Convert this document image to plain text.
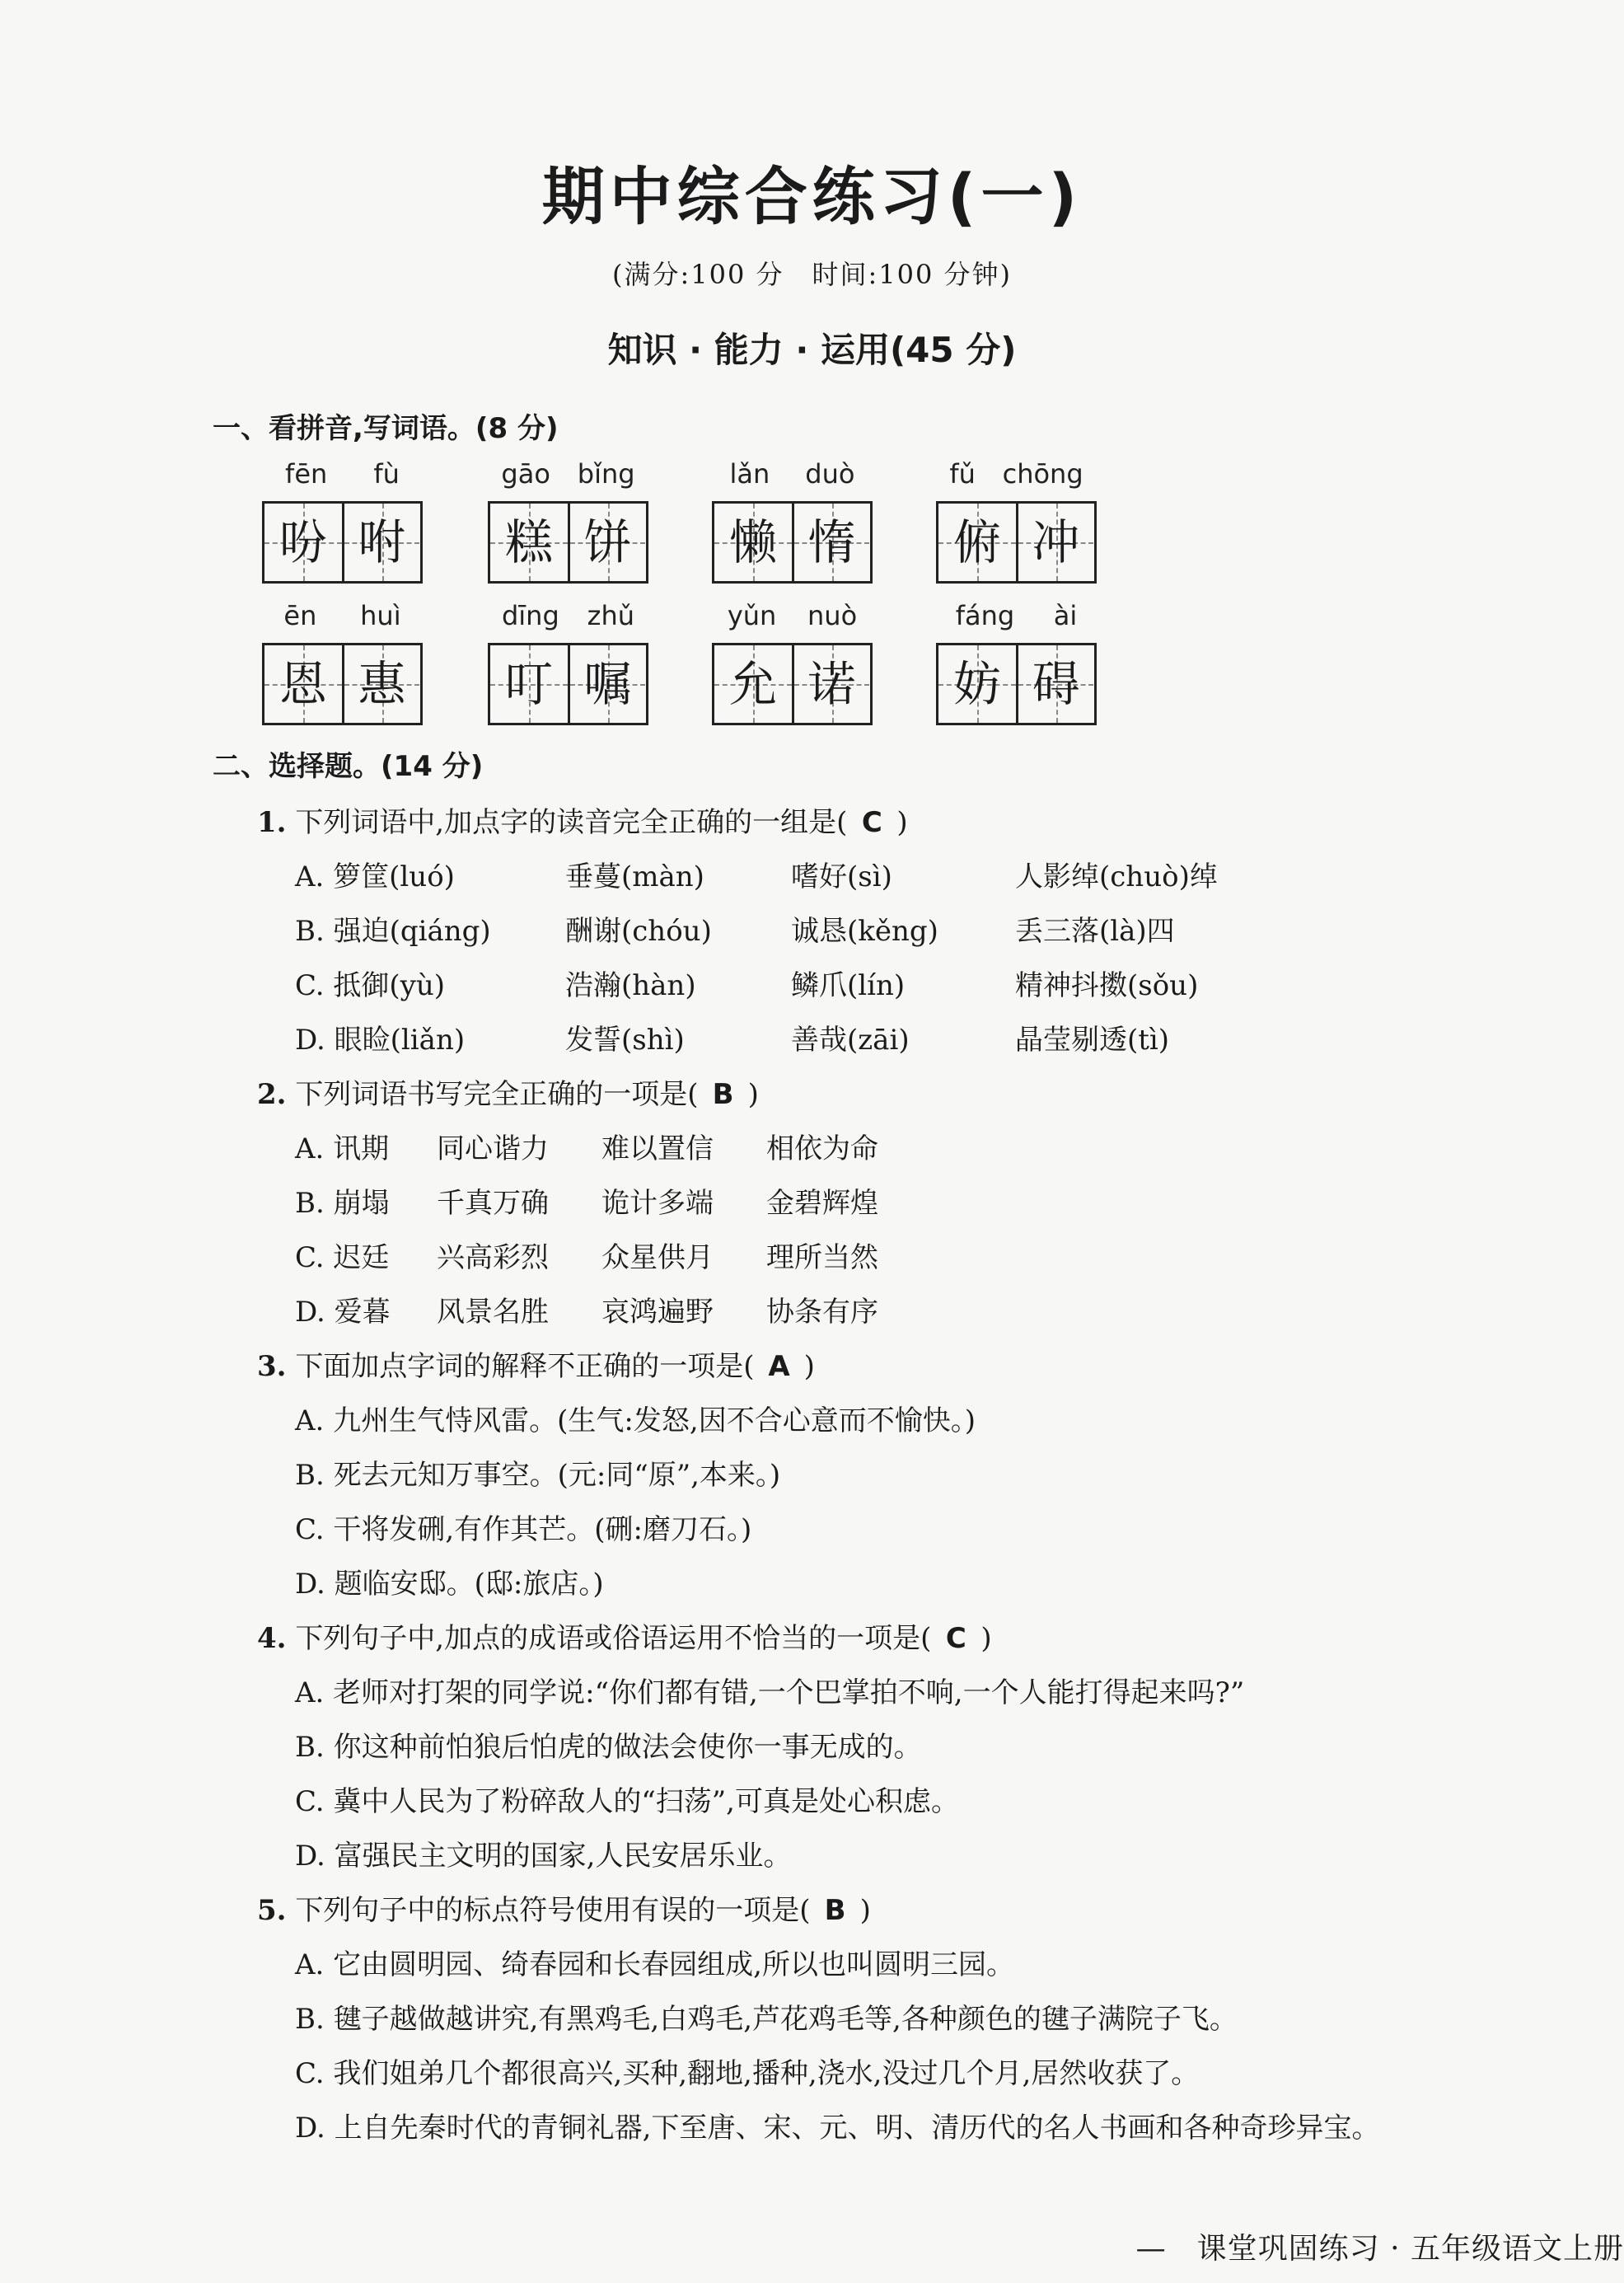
期中综合练习(一)
(满分:100 分　时间:100 分钟)
知识 · 能力 · 运用(45 分)
一、看拼音,写词语。(8 分)
fēn fù
吩 咐
gāo bǐng
糕 饼
lǎn duò
懒 惰
fǔ chōng
俯 冲
ēn huì
恩 惠
dīng zhǔ
叮 嘱
yǔn nuò
允 诺
fáng ài
妨 碍
二、选择题。(14 分)
1. 下列词语中,加点字的读音完全正确的一组是( C )
A. 箩筐(luó)	垂蔓(màn)	嗜好(sì)	人影绰(chuò)绰
B. 强迫(qiáng)	酬谢(chóu)	诚恳(kěng)	丢三落(là)四
C. 抵御(yù)	浩瀚(hàn)	鳞爪(lín)	精神抖擞(sǒu)
D. 眼睑(liǎn)	发誓(shì)	善哉(zāi)	晶莹剔透(tì)
2. 下列词语书写完全正确的一项是( B )
A. 讯期 同心谐力 难以置信 相依为命
B. 崩塌 千真万确 诡计多端 金碧辉煌
C. 迟廷 兴高彩烈 众星供月 理所当然
D. 爱暮 风景名胜 哀鸿遍野 协条有序
3. 下面加点字词的解释不正确的一项是( A )
A. 九州生气恃风雷。(生气:发怒,因不合心意而不愉快。)
B. 死去元知万事空。(元:同“原”,本来。)
C. 干将发硎,有作其芒。(硎:磨刀石。)
D. 题临安邸。(邸:旅店。)
4. 下列句子中,加点的成语或俗语运用不恰当的一项是( C )
A. 老师对打架的同学说:“你们都有错,一个巴掌拍不响,一个人能打得起来吗?”
B. 你这种前怕狼后怕虎的做法会使你一事无成的。
C. 冀中人民为了粉碎敌人的“扫荡”,可真是处心积虑。
D. 富强民主文明的国家,人民安居乐业。
5. 下列句子中的标点符号使用有误的一项是( B )
A. 它由圆明园、绮春园和长春园组成,所以也叫圆明三园。
B. 毽子越做越讲究,有黑鸡毛,白鸡毛,芦花鸡毛等,各种颜色的毽子满院子飞。
C. 我们姐弟几个都很高兴,买种,翻地,播种,浇水,没过几个月,居然收获了。
D. 上自先秦时代的青铜礼器,下至唐、宋、元、明、清历代的名人书画和各种奇珍异宝。
—　课堂巩固练习 · 五年级语文上册
